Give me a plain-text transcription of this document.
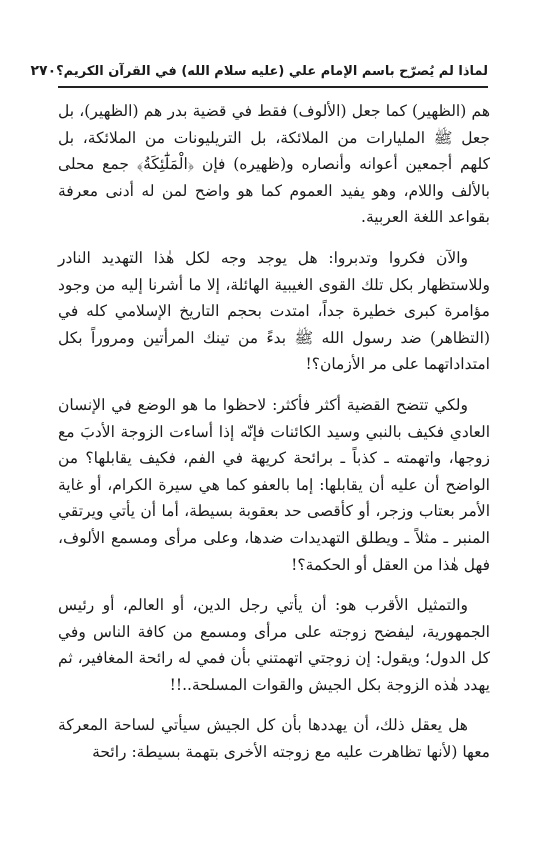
لماذا لم يُصرّح باسم الإمام علي (عليه سلام الله) في القرآن الكريم؟
٢٧٠

هم (الظهير) كما جعل (الألوف) فقط في قضية بدر هم (الظهير)، بل جعل ﷺ المليارات من الملائكة، بل التريليونات من الملائكة، بل كلهم أجمعين أعوانه وأنصاره و(ظهيره) فإن ﴿الْمَلَٰٓئِكَةُ﴾ جمع محلى بالألف واللام، وهو يفيد العموم كما هو واضح لمن له أدنى معرفة بقواعد اللغة العربية.

والآن فكروا وتدبروا: هل يوجد وجه لكل هٰذا التهديد النادر وللاستظهار بكل تلك القوى الغيبية الهائلة، إلا ما أشرنا إليه من وجود مؤامرة كبرى خطيرة جداً، امتدت بحجم التاريخ الإسلامي كله في (التظاهر) ضد رسول الله ﷺ بدءً من تينك المرأتين ومروراً بكل امتداداتهما على مر الأزمان؟!

ولكي تتضح القضية أكثر فأكثر: لاحظوا ما هو الوضع في الإنسان العادي فكيف بالنبي وسيد الكائنات فإنّه إذا أساءت الزوجة الأدبَ مع زوجها، واتهمته ـ كذباً ـ برائحة كريهة في الفم، فكيف يقابلها؟ من الواضح أن عليه أن يقابلها: إما بالعفو كما هي سيرة الكرام، أو غاية الأمر بعتاب وزجر، أو كأقصى حد بعقوبة بسيطة، أما أن يأتي ويرتقي المنبر ـ مثلاً ـ ويطلق التهديدات ضدها، وعلى مرأى ومسمع الألوف، فهل هٰذا من العقل أو الحكمة؟!

والتمثيل الأقرب هو: أن يأتي رجل الدين، أو العالم، أو رئيس الجمهورية، ليفضح زوجته على مرأى ومسمع من كافة الناس وفي كل الدول؛ ويقول: إن زوجتي اتهمتني بأن فمي له رائحة المغافير، ثم يهدد هٰذه الزوجة بكل الجيش والقوات المسلحة..!!

هل يعقل ذلك، أن يهددها بأن كل الجيش سيأتي لساحة المعركة معها (لأنها تظاهرت عليه مع زوجته الأخرى بتهمة بسيطة: رائحة
